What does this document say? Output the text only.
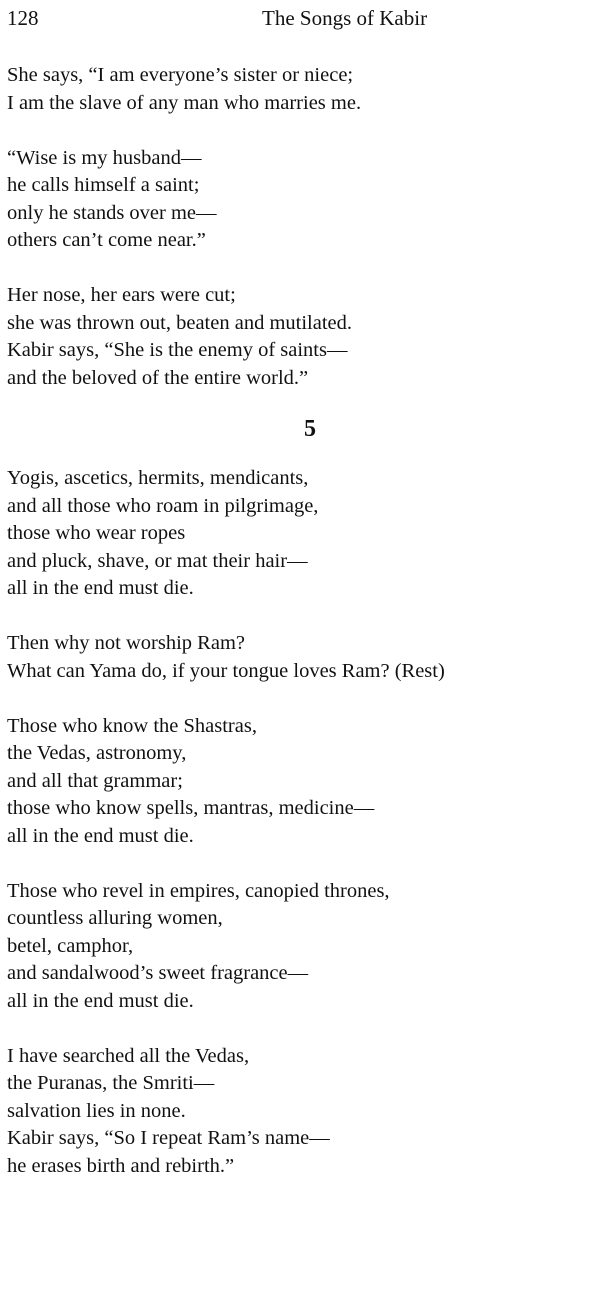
128	The Songs of Kabir
She says, “I am everyone’s sister or niece;
I am the slave of any man who marries me.
“Wise is my husband—
he calls himself a saint;
only he stands over me—
others can’t come near.”
Her nose, her ears were cut;
she was thrown out, beaten and mutilated.
Kabir says, “She is the enemy of saints—
and the beloved of the entire world.”
5
Yogis, ascetics, hermits, mendicants,
and all those who roam in pilgrimage,
those who wear ropes
and pluck, shave, or mat their hair—
all in the end must die.
Then why not worship Ram?
What can Yama do, if your tongue loves Ram? (Rest)
Those who know the Shastras,
the Vedas, astronomy,
and all that grammar;
those who know spells, mantras, medicine—
all in the end must die.
Those who revel in empires, canopied thrones,
countless alluring women,
betel, camphor,
and sandalwood’s sweet fragrance—
all in the end must die.
I have searched all the Vedas,
the Puranas, the Smriti—
salvation lies in none.
Kabir says, “So I repeat Ram’s name—
he erases birth and rebirth.”
